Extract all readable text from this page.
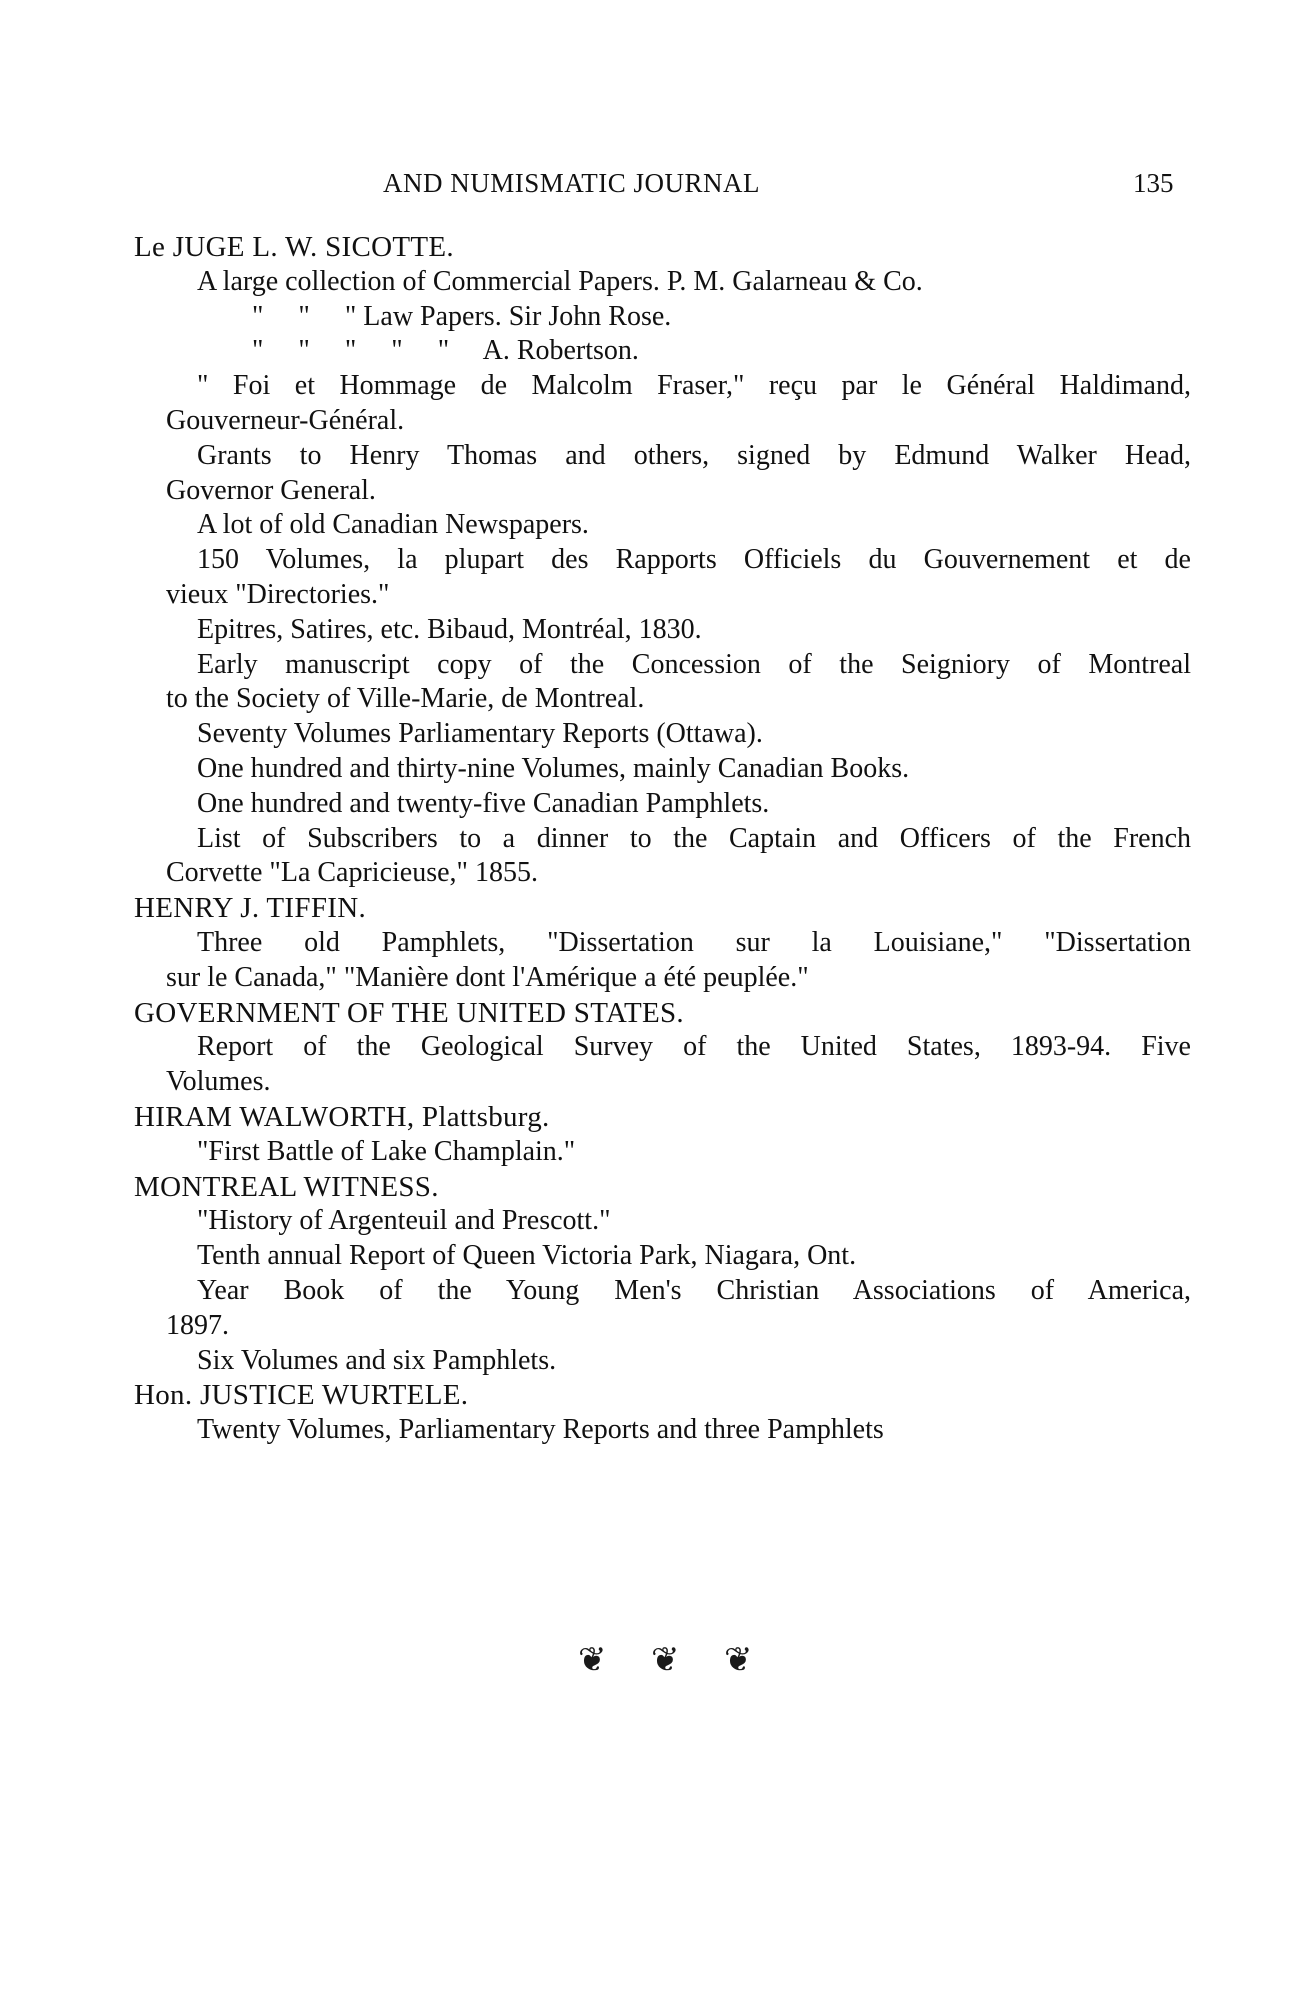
AND NUMISMATIC JOURNAL	135
Le JUGE L. W. SICOTTE.
A large collection of Commercial Papers. P. M. Galarneau & Co.
"     "     " Law Papers. Sir John Rose.
"     "     "     "     "     A. Robertson.
" Foi et Hommage de Malcolm Fraser," reçu par le Général Haldimand,
Gouverneur-Général.
Grants to Henry Thomas and others, signed by Edmund Walker Head,
Governor General.
A lot of old Canadian Newspapers.
150 Volumes, la plupart des Rapports Officiels du Gouvernement et de
vieux "Directories."
Epitres, Satires, etc. Bibaud, Montréal, 1830.
Early manuscript copy of the Concession of the Seigniory of Montreal
to the Society of Ville-Marie, de Montreal.
Seventy Volumes Parliamentary Reports (Ottawa).
One hundred and thirty-nine Volumes, mainly Canadian Books.
One hundred and twenty-five Canadian Pamphlets.
List of Subscribers to a dinner to the Captain and Officers of the French
Corvette "La Capricieuse," 1855.
HENRY J. TIFFIN.
Three old Pamphlets, "Dissertation sur la Louisiane," "Dissertation
sur le Canada," "Manière dont l'Amérique a été peuplée."
GOVERNMENT OF THE UNITED STATES.
Report of the Geological Survey of the United States, 1893-94. Five
Volumes.
HIRAM WALWORTH, Plattsburg.
"First Battle of Lake Champlain."
MONTREAL WITNESS.
"History of Argenteuil and Prescott."
Tenth annual Report of Queen Victoria Park, Niagara, Ont.
Year Book of the Young Men's Christian Associations of America,
1897.
Six Volumes and six Pamphlets.
Hon. JUSTICE WURTELE.
Twenty Volumes, Parliamentary Reports and three Pamphlets
❦ ❦ ❦
